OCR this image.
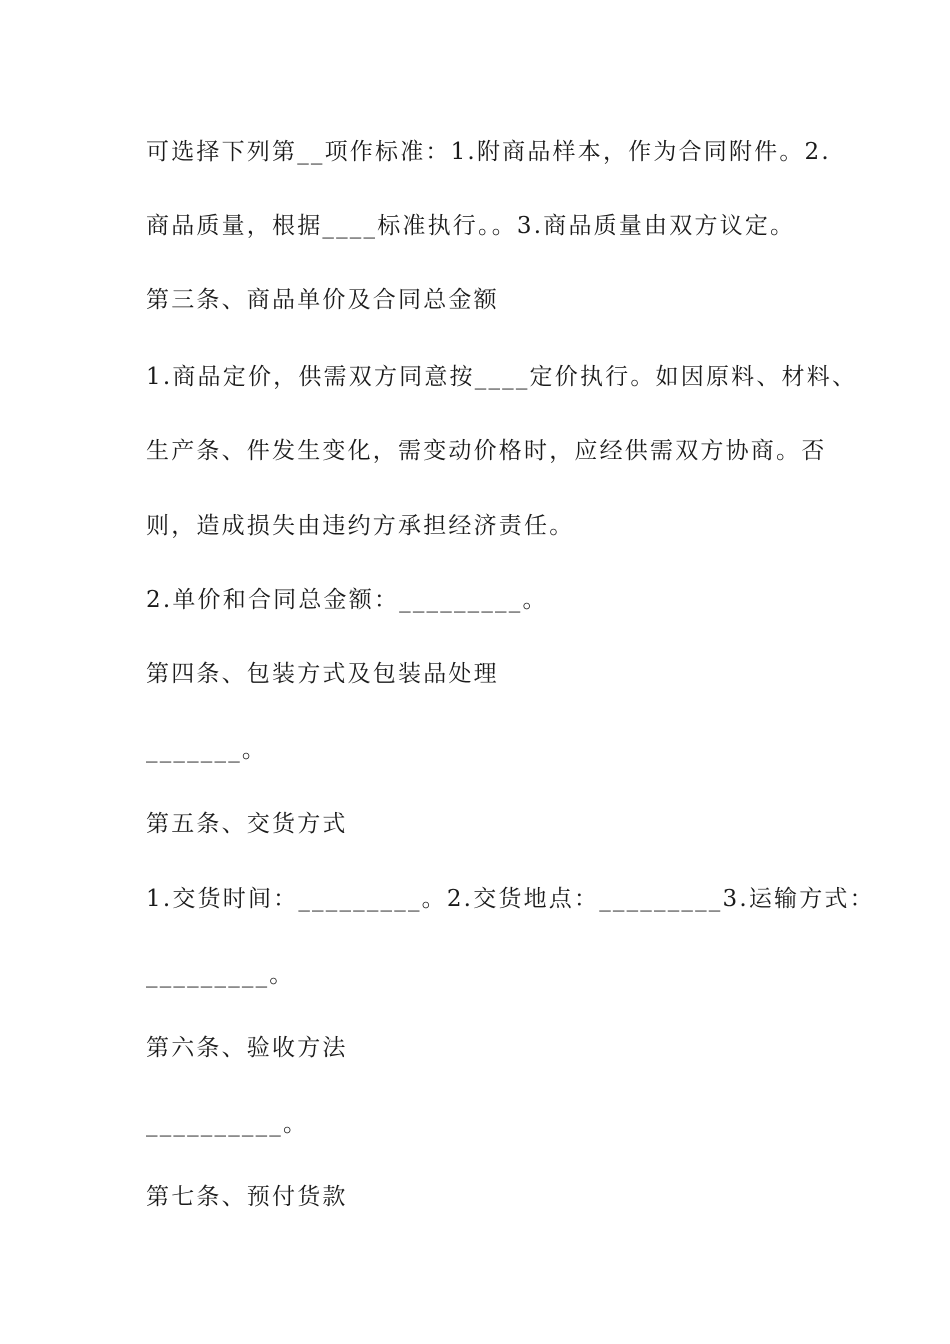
可选择下列第__项作标准：1.附商品样本，作为合同附件。2.

商品质量，根据____标准执行。。3.商品质量由双方议定。

第三条、商品单价及合同总金额

1.商品定价，供需双方同意按____定价执行。如因原料、材料、

生产条、件发生变化，需变动价格时，应经供需双方协商。否

则，造成损失由违约方承担经济责任。

2.单价和合同总金额：_________。

第四条、包装方式及包装品处理

_______。

第五条、交货方式

1.交货时间：_________。2.交货地点：_________3.运输方式：

_________。

第六条、验收方法

__________。

第七条、预付货款
